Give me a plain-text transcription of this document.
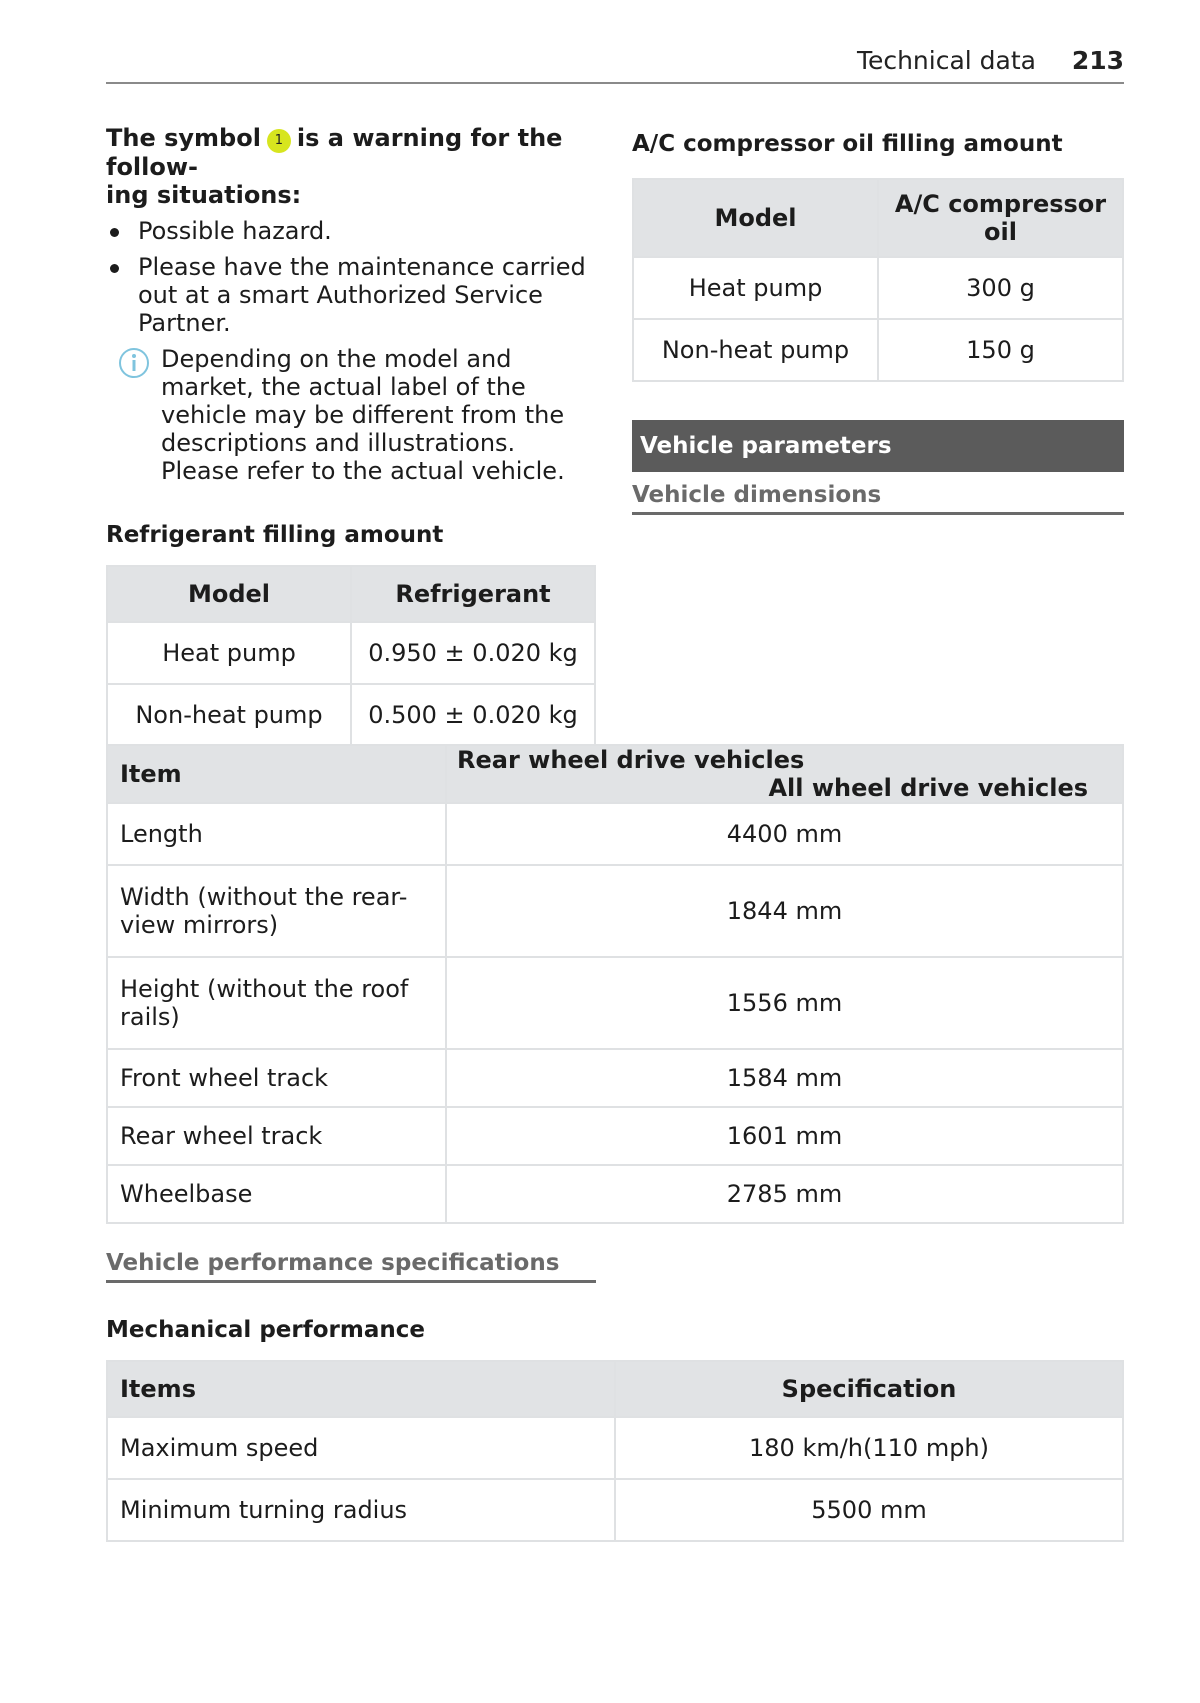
Technical data 213

The symbol 1 is a warning for the follow-
ing situations:

Possible hazard.
Please have the maintenance carried out at a smart Authorized Service Partner.
Depending on the model and market, the actual label of the vehicle may be different from the descriptions and illustrations. Please refer to the actual vehicle.

Refrigerant filling amount

Model	Refrigerant
Heat pump	0.950 ± 0.020 kg
Non-heat pump	0.500 ± 0.020 kg

A/C compressor oil filling amount

Model	A/C compressor oil
Heat pump	300 g
Non-heat pump	150 g
Vehicle parameters
Vehicle dimensions
Item	Rear wheel drive vehicles
All wheel drive vehicles

Length	4400 mm
Width (without the rear-view mirrors)	1844 mm
Height (without the roof rails)	1556 mm
Front wheel track	1584 mm
Rear wheel track	1601 mm
Wheelbase	2785 mm
Vehicle performance specifications

Mechanical performance

Items	Specification
Maximum speed	180 km/h(110 mph)
Minimum turning radius	5500 mm
